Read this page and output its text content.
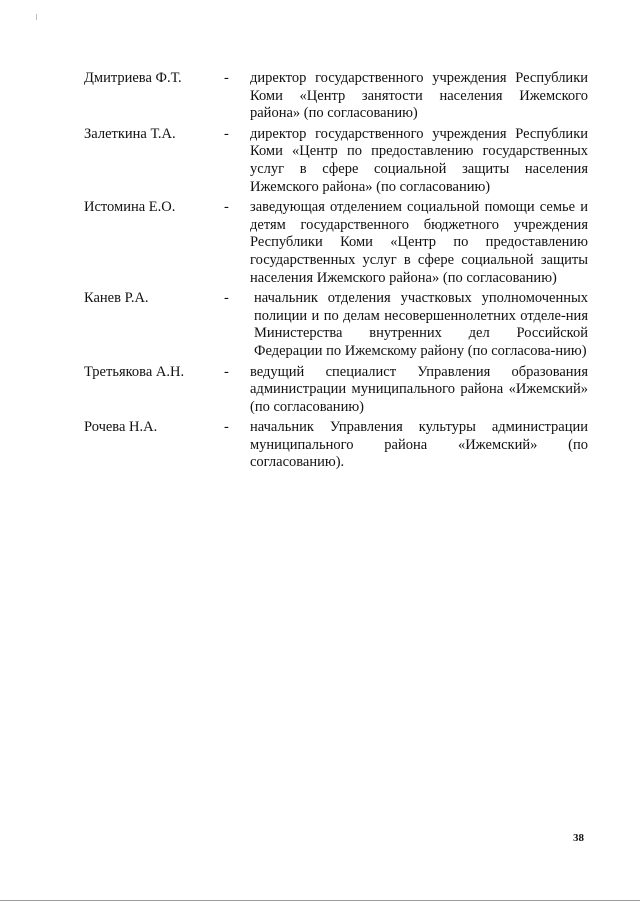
Дмитриева Ф.Т.	- директор государственного учреждения Республики Коми «Центр занятости населения Ижемского района» (по согласованию)
Залеткина Т.А.	- директор государственного учреждения Республики Коми «Центр по предоставлению государственных услуг в сфере социальной защиты населения Ижемского района» (по согласованию)
Истомина Е.О.	- заведующая отделением социальной помощи семье и детям государственного бюджетного учреждения Республики Коми «Центр по предоставлению государственных услуг в сфере социальной защиты населения Ижемского района» (по согласованию)
Канев Р.А.	- начальник отделения участковых уполномоченных полиции и по делам несовершеннолетних отделе-ния Министерства внутренних дел Российской Федерации по Ижемскому району (по согласова-нию)
Третьякова А.Н.	- ведущий специалист Управления образования администрации муниципального района «Ижемский» (по согласованию)
Рочева Н.А.	- начальник Управления культуры администрации муниципального района «Ижемский» (по согласованию).
38
